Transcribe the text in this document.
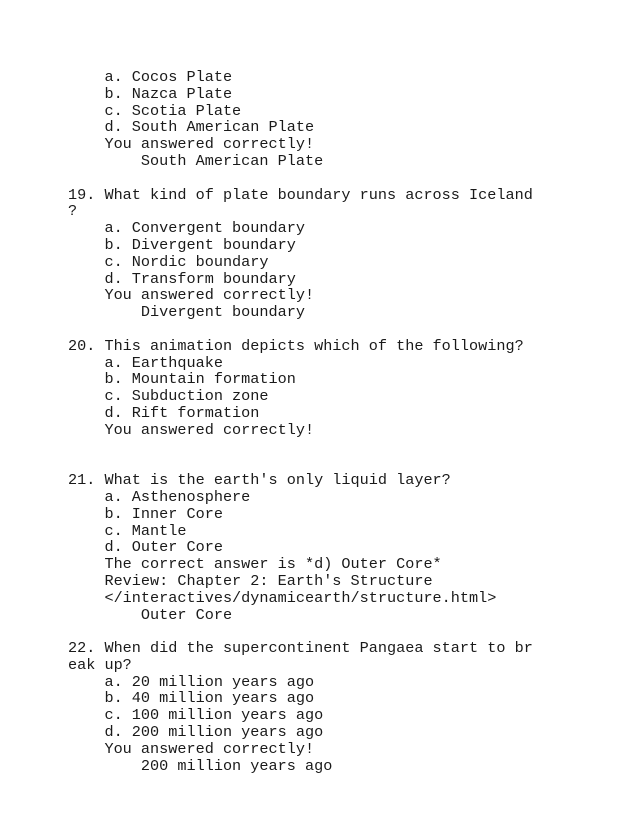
a. Cocos Plate
b. Nazca Plate
c. Scotia Plate
d. South American Plate
You answered correctly!
South American Plate
19. What kind of plate boundary runs across Iceland
?
a. Convergent boundary
b. Divergent boundary
c. Nordic boundary
d. Transform boundary
You answered correctly!
Divergent boundary
20. This animation depicts which of the following?
a. Earthquake
b. Mountain formation
c. Subduction zone
d. Rift formation
You answered correctly!
21. What is the earth's only liquid layer?
a. Asthenosphere
b. Inner Core
c. Mantle
d. Outer Core
The correct answer is *d) Outer Core*
Review: Chapter 2: Earth's Structure
</interactives/dynamicearth/structure.html>
Outer Core
22. When did the supercontinent Pangaea start to br
eak up?
a. 20 million years ago
b. 40 million years ago
c. 100 million years ago
d. 200 million years ago
You answered correctly!
200 million years ago
